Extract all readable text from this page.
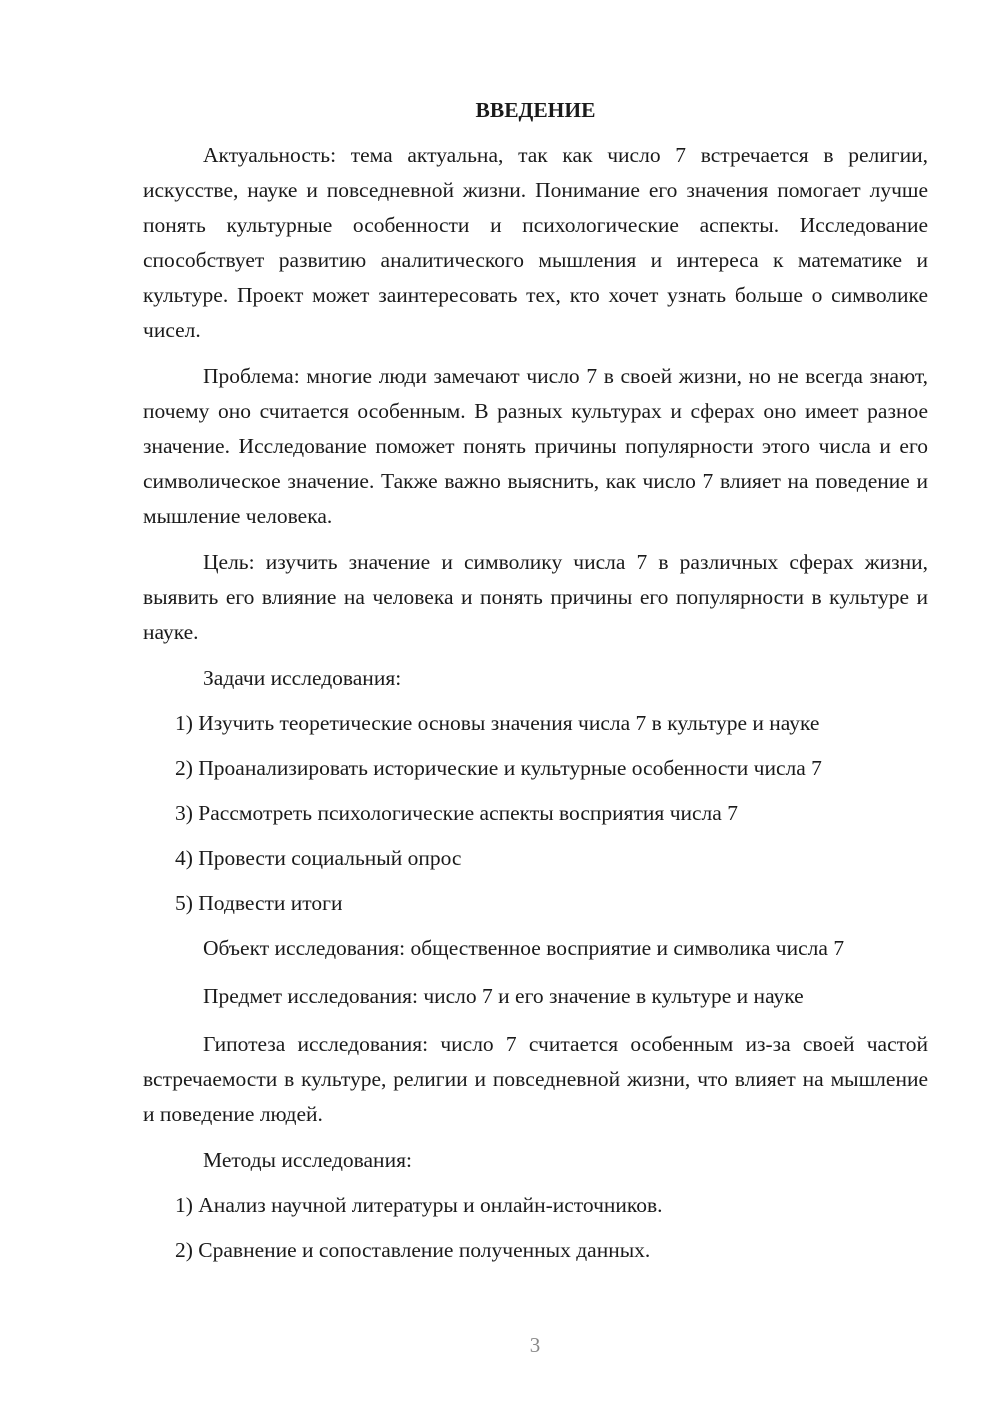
ВВЕДЕНИЕ

Актуальность: тема актуальна, так как число 7 встречается в религии, искусстве, науке и повседневной жизни. Понимание его значения помогает лучше понять культурные особенности и психологические аспекты. Исследование способствует развитию аналитического мышления и интереса к математике и культуре. Проект может заинтересовать тех, кто хочет узнать больше о символике чисел.

Проблема: многие люди замечают число 7 в своей жизни, но не всегда знают, почему оно считается особенным. В разных культурах и сферах оно имеет разное значение. Исследование поможет понять причины популярности этого числа и его символическое значение. Также важно выяснить, как число 7 влияет на поведение и мышление человека.

Цель: изучить значение и символику числа 7 в различных сферах жизни, выявить его влияние на человека и понять причины его популярности в культуре и науке.

Задачи исследования:

1) Изучить теоретические основы значения числа 7 в культуре и науке

2) Проанализировать исторические и культурные особенности числа 7

3) Рассмотреть психологические аспекты восприятия числа 7

4) Провести социальный опрос

5) Подвести итоги

Объект исследования: общественное восприятие и символика числа 7

Предмет исследования: число 7 и его значение в культуре и науке

Гипотеза исследования: число 7 считается особенным из-за своей частой встречаемости в культуре, религии и повседневной жизни, что влияет на мышление и поведение людей.

Методы исследования:

1) Анализ научной литературы и онлайн-источников.

2) Сравнение и сопоставление полученных данных.

3
